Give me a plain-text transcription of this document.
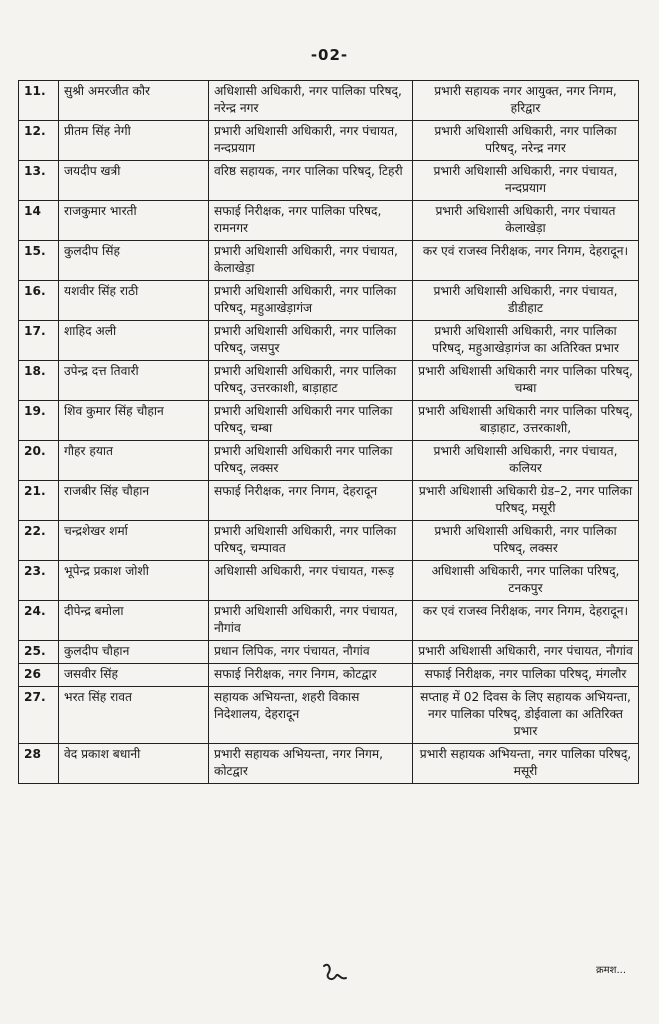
-02-
11.	सुश्री अमरजीत कौर	अधिशासी अधिकारी, नगर पालिका परिषद्, नरेन्द्र नगर	प्रभारी सहायक नगर आयुक्त, नगर निगम, हरिद्वार
12.	प्रीतम सिंह नेगी	प्रभारी अधिशासी अधिकारी, नगर पंचायत, नन्दप्रयाग	प्रभारी अधिशासी अधिकारी, नगर पालिका परिषद्, नरेन्द्र नगर
13.	जयदीप खत्री	वरिष्ठ सहायक, नगर पालिका परिषद्, टिहरी	प्रभारी अधिशासी अधिकारी, नगर पंचायत, नन्दप्रयाग
14	राजकुमार भारती	सफाई निरीक्षक, नगर पालिका परिषद, रामनगर	प्रभारी अधिशासी अधिकारी, नगर पंचायत केलाखेड़ा
15.	कुलदीप सिंह	प्रभारी अधिशासी अधिकारी, नगर पंचायत, केलाखेड़ा	कर एवं राजस्व निरीक्षक, नगर निगम, देहरादून।
16.	यशवीर सिंह राठी	प्रभारी अधिशासी अधिकारी, नगर पालिका परिषद्, महुआखेड़ागंज	प्रभारी अधिशासी अधिकारी, नगर पंचायत, डीडीहाट
17.	शाहिद अली	प्रभारी अधिशासी अधिकारी, नगर पालिका परिषद्, जसपुर	प्रभारी अधिशासी अधिकारी, नगर पालिका परिषद्, महुआखेड़ागंज का अतिरिक्त प्रभार
18.	उपेन्द्र दत्त तिवारी	प्रभारी अधिशासी अधिकारी, नगर पालिका परिषद्, उत्तरकाशी, बाड़ाहाट	प्रभारी अधिशासी अधिकारी नगर पालिका परिषद्, चम्बा
19.	शिव कुमार सिंह चौहान	प्रभारी अधिशासी अधिकारी नगर पालिका परिषद्, चम्बा	प्रभारी अधिशासी अधिकारी नगर पालिका परिषद्, बाड़ाहाट, उत्तरकाशी,
20.	गौहर हयात	प्रभारी अधिशासी अधिकारी नगर पालिका परिषद्, लक्सर	प्रभारी अधिशासी अधिकारी, नगर पंचायत, कलियर
21.	राजबीर सिंह चौहान	सफाई निरीक्षक, नगर निगम, देहरादून	प्रभारी अधिशासी अधिकारी ग्रेड–2, नगर पालिका परिषद्, मसूरी
22.	चन्द्रशेखर शर्मा	प्रभारी अधिशासी अधिकारी, नगर पालिका परिषद्, चम्पावत	प्रभारी अधिशासी अधिकारी, नगर पालिका परिषद्, लक्सर
23.	भूपेन्द्र प्रकाश जोशी	अधिशासी अधिकारी, नगर पंचायत, गरूड़	अधिशासी अधिकारी, नगर पालिका परिषद्, टनकपुर
24.	दीपेन्द्र बमोला	प्रभारी अधिशासी अधिकारी, नगर पंचायत, नौगांव	कर एवं राजस्व निरीक्षक, नगर निगम, देहरादून।
25.	कुलदीप चौहान	प्रधान लिपिक, नगर पंचायत, नौगांव	प्रभारी अधिशासी अधिकारी, नगर पंचायत, नौगांव
26	जसवीर सिंह	सफाई निरीक्षक, नगर निगम, कोटद्वार	सफाई निरीक्षक, नगर पालिका परिषद्, मंगलौर
27.	भरत सिंह रावत	सहायक अभियन्ता, शहरी विकास निदेशालय, देहरादून	सप्ताह में 02 दिवस के लिए सहायक अभियन्ता, नगर पालिका परिषद्, डोईवाला का अतिरिक्त प्रभार
28	वेद प्रकाश बधानी	प्रभारी सहायक अभियन्ता, नगर निगम, कोटद्वार	प्रभारी सहायक अभियन्ता, नगर पालिका परिषद्, मसूरी
क्रमश...
